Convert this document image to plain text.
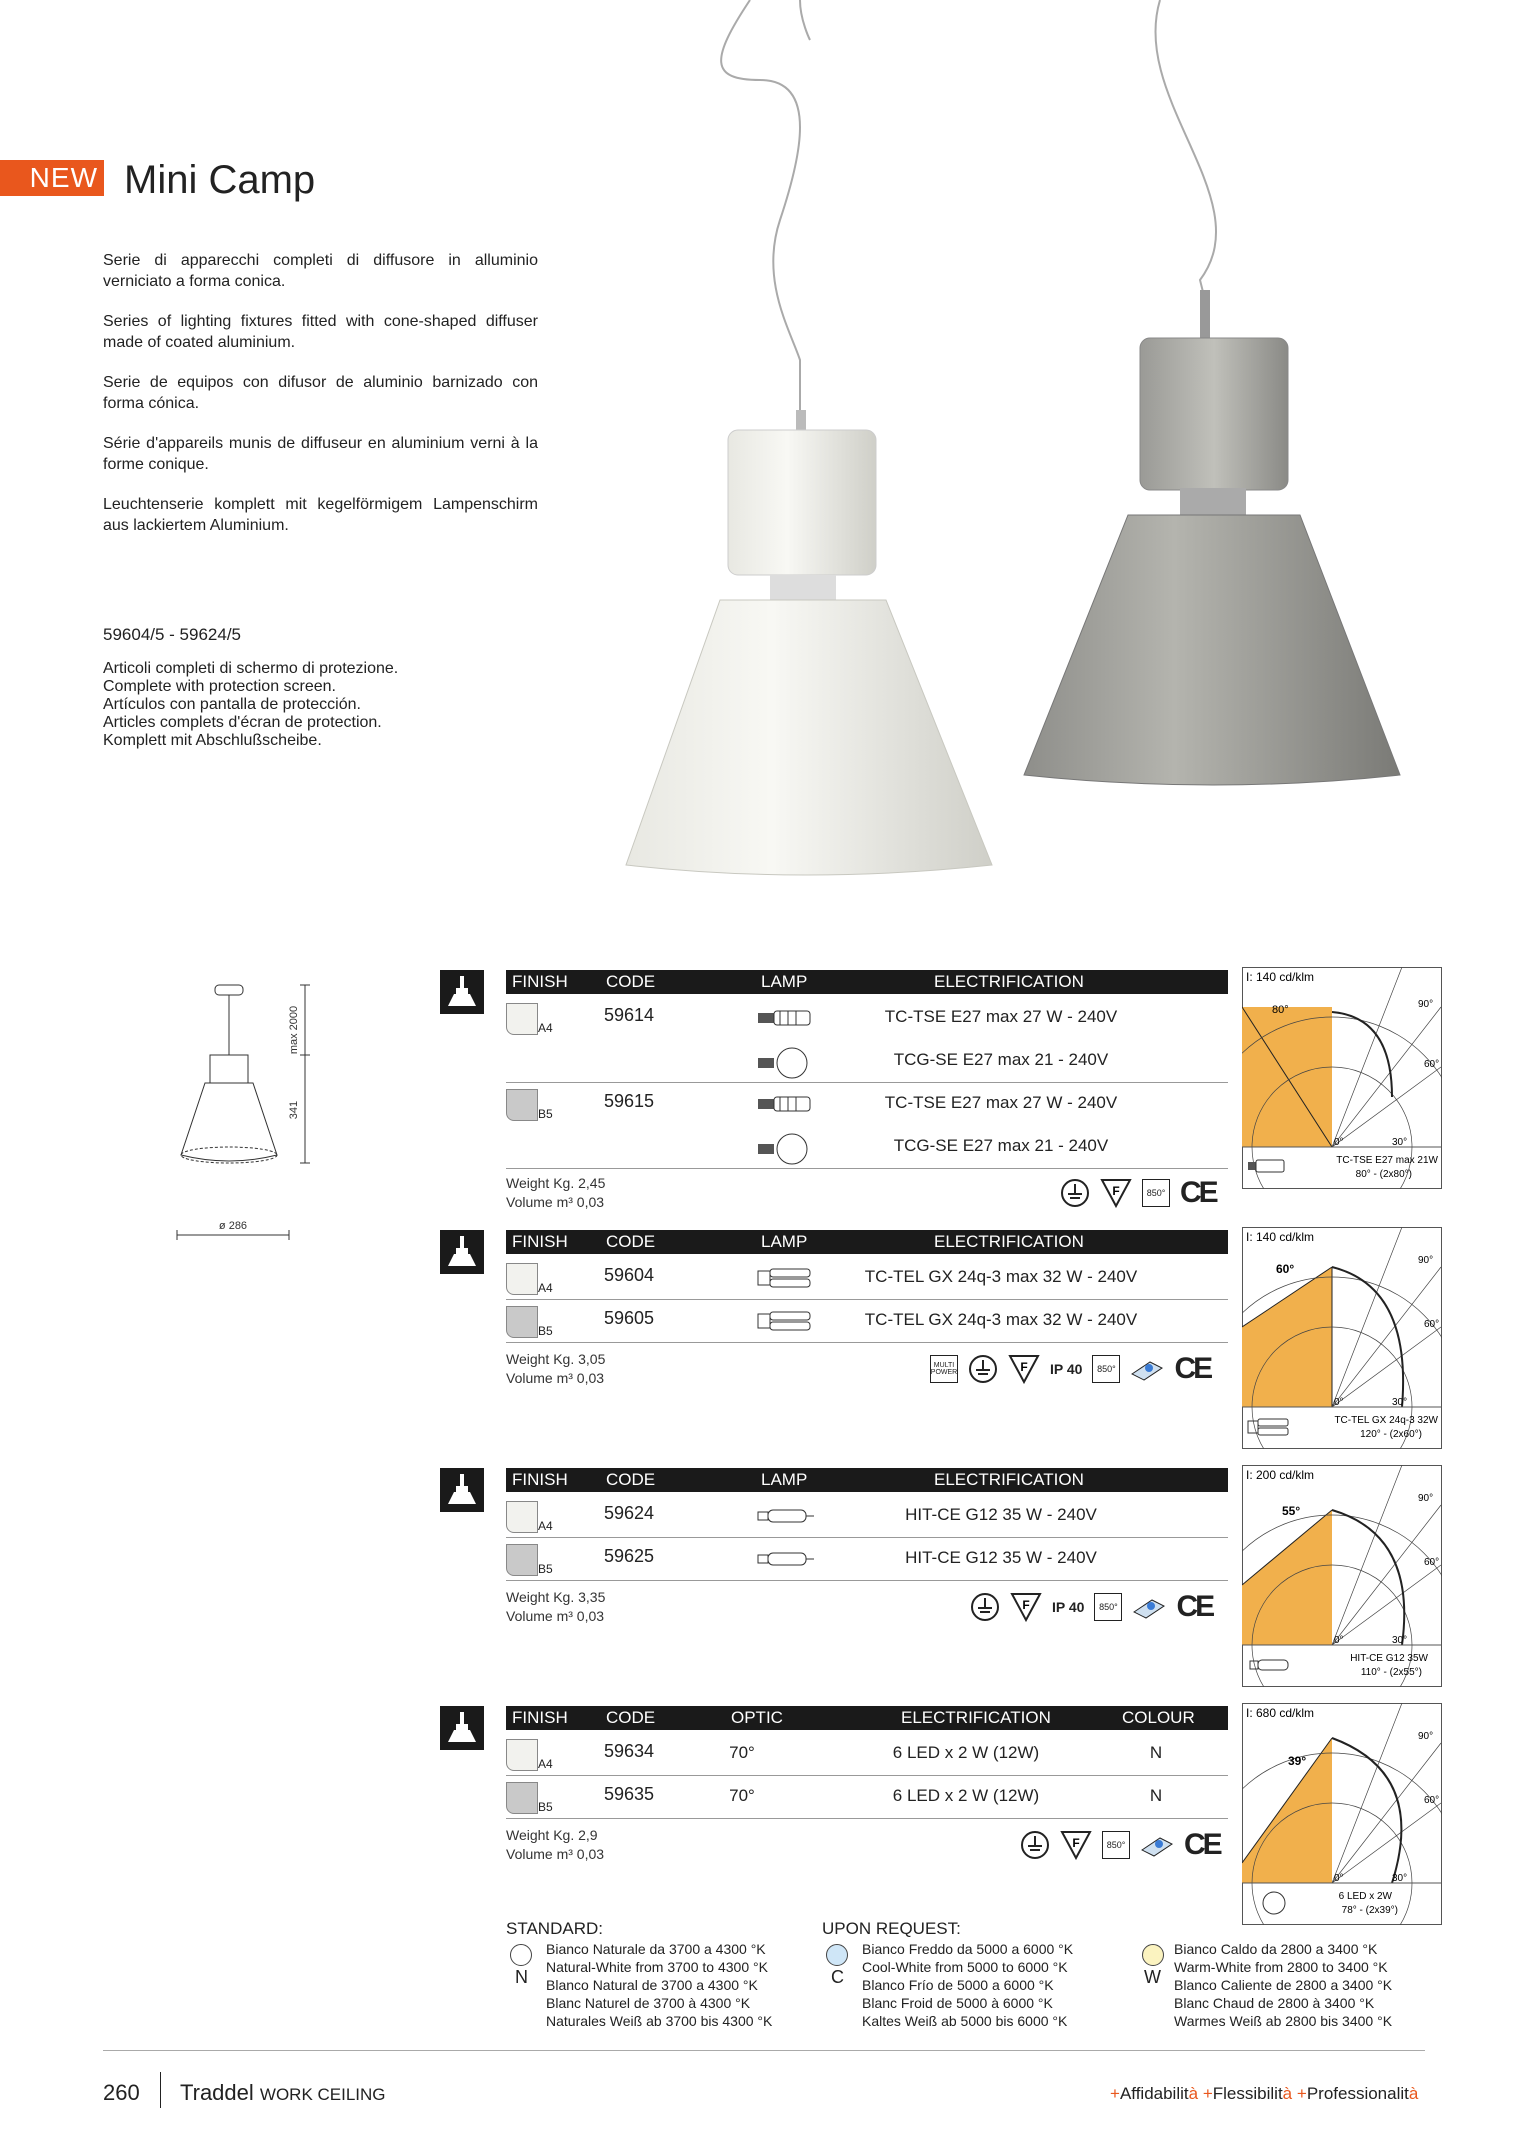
NEW Mini Camp

Serie di apparecchi completi di diffusore in alluminio verniciato a forma conica.

Series of lighting fixtures fitted with cone-shaped diffuser made of coated aluminium.

Serie de equipos con difusor de aluminio barnizado con forma cónica.

Série d'appareils munis de diffuseur en aluminium verni à la forme conique.

Leuchtenserie komplett mit kegelförmigem Lampenschirm aus lackiertem Aluminium.

59604/5 - 59624/5
Articoli completi di schermo di protezione.
Complete with protection screen.
Artículos con pantalla de protección.
Articles complets d'écran de protection.
Komplett mit Abschlußscheibe.
max 2000
341
ø 286
FINISH CODE	LAMP	ELECTRIFICATION
A4
59614	TC-TSE E27 max 27 W - 240V
TCG-SE E27 max 21 - 240V
B5
59615	TC-TSE E27 max 27 W - 240V
TCG-SE E27 max 21 - 240V
Weight Kg. 2,45
Volume m³ 0,03
F	850° CE
I: 140 cd/klm
80°	90°
60°
30°
0°
TC-TSE E27 max 21W
80° - (2x80°)
FINISH CODE	LAMP	ELECTRIFICATION
A4
59604	TC-TEL GX 24q-3 max 32 W - 240V
B5
59605	TC-TEL GX 24q-3 max 32 W - 240V
Weight Kg. 3,05
Volume m³ 0,03
MULTI POWER	F IP 40	850° CE
I: 140 cd/klm
60°
90°
60°
30°
0°
TC-TEL GX 24q-3 32W
120° - (2x60°)
FINISH CODE	LAMP	ELECTRIFICATION
A4
59624	HIT-CE G12 35 W - 240V
B5
59625	HIT-CE G12 35 W - 240V
Weight Kg. 3,35
Volume m³ 0,03
F IP 40	850° CE
I: 200 cd/klm
55°
90°
60°
30°
0°
HIT-CE G12 35W
110° - (2x55°)
FINISH CODE	OPTIC	ELECTRIFICATION	COLOUR
A4
59634	70°	6 LED x 2 W (12W)	N
B5
59635	70°	6 LED x 2 W (12W)	N
Weight Kg. 2,9
Volume m³ 0,03
F	850° CE
I: 680 cd/klm
39°
90°
60°
30°
0°
6 LED x 2W
78° - (2x39°)
STANDARD:
N
Bianco Naturale da 3700 a 4300 °K
Natural-White from 3700 to 4300 °K
Blanco Natural de 3700 a 4300 °K
Blanc Naturel de 3700 à 4300 °K
Naturales Weiß ab 3700 bis 4300 °K
UPON REQUEST:
C
Bianco Freddo da 5000 a 6000 °K
Cool-White from 5000 to 6000 °K
Blanco Frío de 5000 a 6000 °K
Blanc Froid de 5000 à 6000 °K
Kaltes Weiß ab 5000 bis 6000 °K
W
Bianco Caldo da 2800 a 3400 °K
Warm-White from 2800 to 3400 °K
Blanco Caliente de 2800 a 3400 °K
Blanc Chaud de 2800 à 3400 °K
Warmes Weiß ab 2800 bis 3400 °K
260 Traddel WORK CEILING	+Affidabilità +Flessibilità +Professionalità
